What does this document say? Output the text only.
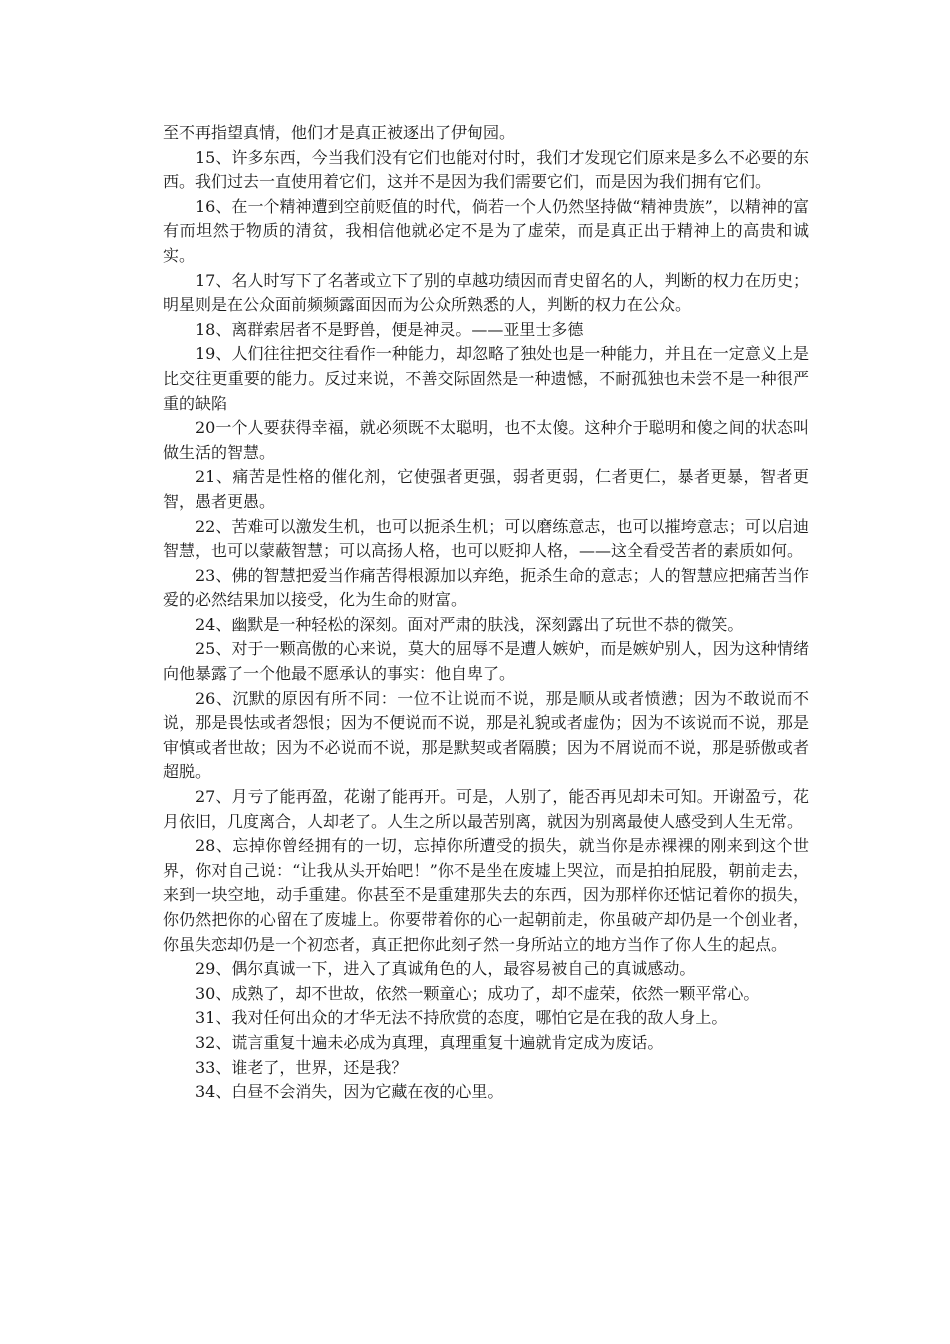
至不再指望真情，他们才是真正被逐出了伊甸园。

15、许多东西，今当我们没有它们也能对付时，我们才发现它们原来是多么不必要的东西。我们过去一直使用着它们，这并不是因为我们需要它们，而是因为我们拥有它们。

16、在一个精神遭到空前贬值的时代，倘若一个人仍然坚持做“精神贵族”，以精神的富有而坦然于物质的清贫，我相信他就必定不是为了虚荣，而是真正出于精神上的高贵和诚实。

17、名人时写下了名著或立下了别的卓越功绩因而青史留名的人，判断的权力在历史；明星则是在公众面前频频露面因而为公众所熟悉的人，判断的权力在公众。

18、离群索居者不是野兽，便是神灵。——亚里士多德

19、人们往往把交往看作一种能力，却忽略了独处也是一种能力，并且在一定意义上是比交往更重要的能力。反过来说，不善交际固然是一种遗憾，不耐孤独也未尝不是一种很严重的缺陷

20一个人要获得幸福，就必须既不太聪明，也不太傻。这种介于聪明和傻之间的状态叫做生活的智慧。

21、痛苦是性格的催化剂，它使强者更强，弱者更弱，仁者更仁，暴者更暴，智者更智，愚者更愚。

22、苦难可以激发生机，也可以扼杀生机；可以磨练意志，也可以摧垮意志；可以启迪智慧，也可以蒙蔽智慧；可以高扬人格，也可以贬抑人格，——这全看受苦者的素质如何。

23、佛的智慧把爱当作痛苦得根源加以弃绝，扼杀生命的意志；人的智慧应把痛苦当作爱的必然结果加以接受，化为生命的财富。

24、幽默是一种轻松的深刻。面对严肃的肤浅，深刻露出了玩世不恭的微笑。

25、对于一颗高傲的心来说，莫大的屈辱不是遭人嫉妒，而是嫉妒别人，因为这种情绪向他暴露了一个他最不愿承认的事实：他自卑了。

26、沉默的原因有所不同：一位不让说而不说，那是顺从或者愤懑；因为不敢说而不说，那是畏怯或者怨恨；因为不便说而不说，那是礼貌或者虚伪；因为不该说而不说，那是审慎或者世故；因为不必说而不说，那是默契或者隔膜；因为不屑说而不说，那是骄傲或者超脱。

27、月亏了能再盈，花谢了能再开。可是，人别了，能否再见却未可知。开谢盈亏，花月依旧，几度离合，人却老了。人生之所以最苦别离，就因为别离最使人感受到人生无常。

28、忘掉你曾经拥有的一切，忘掉你所遭受的损失，就当你是赤裸裸的刚来到这个世界，你对自己说：“让我从头开始吧！”你不是坐在废墟上哭泣，而是拍拍屁股，朝前走去，来到一块空地，动手重建。你甚至不是重建那失去的东西，因为那样你还惦记着你的损失，你仍然把你的心留在了废墟上。你要带着你的心一起朝前走，你虽破产却仍是一个创业者，你虽失恋却仍是一个初恋者，真正把你此刻孑然一身所站立的地方当作了你人生的起点。

29、偶尔真诚一下，进入了真诚角色的人，最容易被自己的真诚感动。

30、成熟了，却不世故，依然一颗童心；成功了，却不虚荣，依然一颗平常心。

31、我对任何出众的才华无法不持欣赏的态度，哪怕它是在我的敌人身上。

32、谎言重复十遍未必成为真理，真理重复十遍就肯定成为废话。

33、谁老了，世界，还是我？

34、白昼不会消失，因为它藏在夜的心里。
